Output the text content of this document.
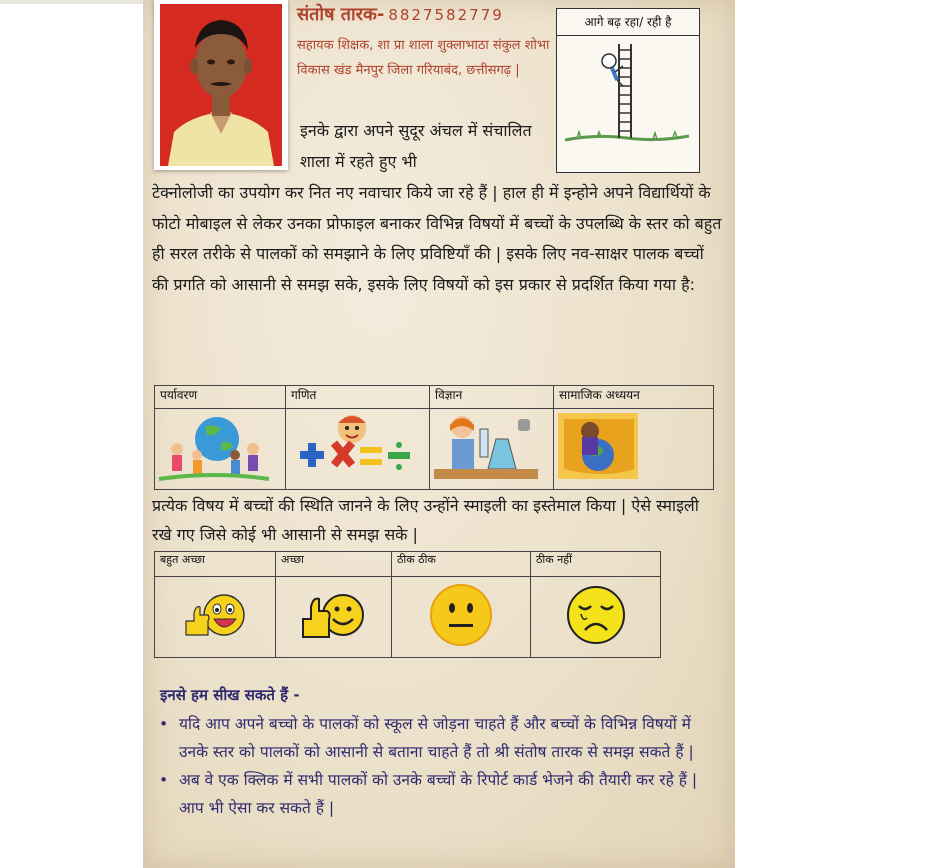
संतोष तारक- 8827582779
सहायक शिक्षक, शा प्रा शाला शुक्लाभाठा संकुल शोभा विकास खंड मैनपुर जिला गरियाबंद, छत्तीसगढ़ |
इनके द्वारा अपने सुदूर अंचल में संचालित शाला में रहते हुए भी
आगे बढ़ रहा/ रही है
टेक्नोलोजी का उपयोग कर नित नए नवाचार किये जा रहे हैं | हाल ही में इन्होने अपने विद्यार्थियों के फोटो मोबाइल से लेकर उनका प्रोफाइल बनाकर विभिन्न विषयों में बच्चों के उपलब्धि के स्तर को बहुत ही सरल तरीके से पालकों को समझाने के लिए प्रविष्टियाँ की | इसके लिए नव-साक्षर पालक बच्चों की प्रगति को आसानी से समझ सके, इसके लिए विषयों को इस प्रकार से प्रदर्शित किया गया है:
पर्यावरण	गणित	विज्ञान	सामाजिक अध्ययन

प्रत्येक विषय में बच्चों की स्थिति जानने के लिए उन्होंने स्माइली का इस्तेमाल किया | ऐसे स्माइली रखे गए जिसे कोई भी आसानी से समझ सके |
बहुत अच्छा	अच्छा	ठीक ठीक	ठीक नहीं

इनसे हम सीख सकते हैं -
• यदि आप अपने बच्चो के पालकों को स्कूल से जोड़ना चाहते हैं और बच्चों के विभिन्न विषयों में उनके स्तर को पालकों को आसानी से बताना चाहते हैं तो श्री संतोष तारक से समझ सकते हैं |
• अब वे एक क्लिक में सभी पालकों को उनके बच्चों के रिपोर्ट कार्ड भेजने की तैयारी कर रहे हैं | आप भी ऐसा कर सकते हैं |
